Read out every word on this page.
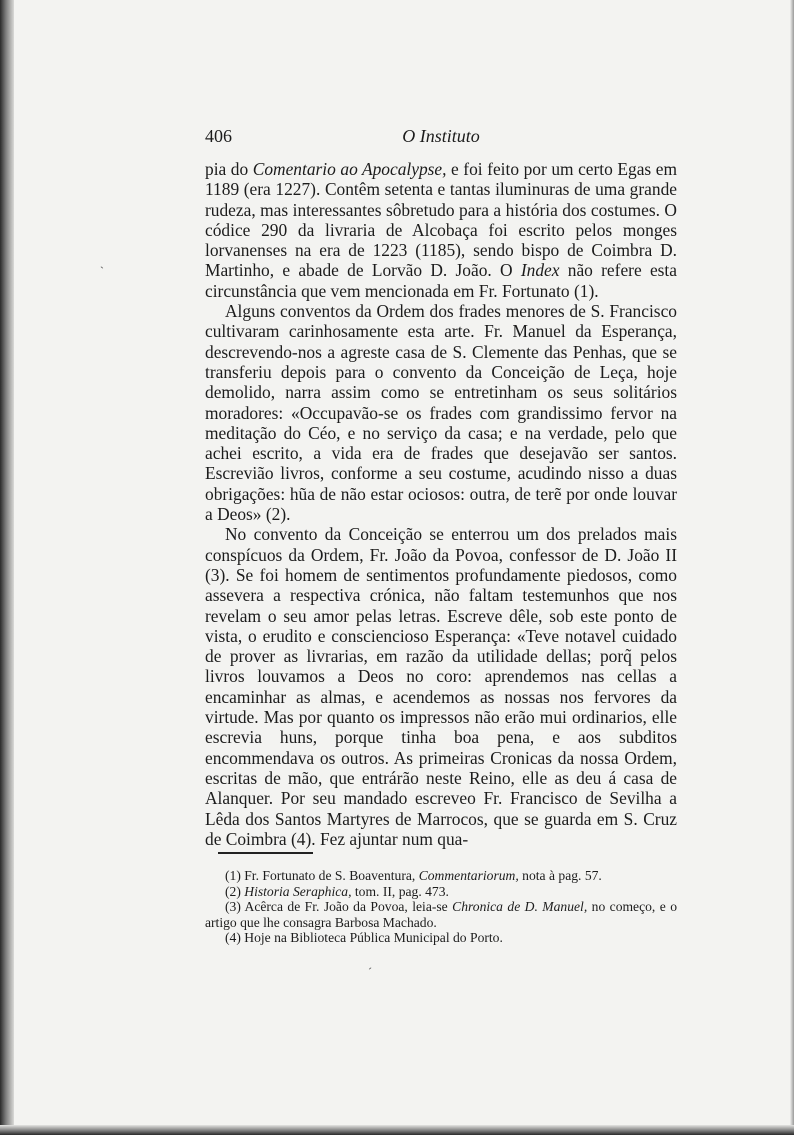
406	O Instituto

pia do Comentario ao Apocalypse, e foi feito por um certo Egas em 1189 (era 1227). Contêm setenta e tantas iluminuras de uma grande rudeza, mas interessantes sôbretudo para a história dos costumes. O códice 290 da livraria de Alcobaça foi escrito pelos monges lorvanenses na era de 1223 (1185), sendo bispo de Coimbra D. Martinho, e abade de Lorvão D. João. O Index não refere esta circunstância que vem mencionada em Fr. Fortunato (1).

Alguns conventos da Ordem dos frades menores de S. Francisco cultivaram carinhosamente esta arte. Fr. Manuel da Esperança, descrevendo-nos a agreste casa de S. Clemente das Penhas, que se transferiu depois para o convento da Conceição de Leça, hoje demolido, narra assim como se entretinham os seus solitários moradores: «Occupavão-se os frades com grandissimo fervor na meditação do Céo, e no serviço da casa; e na verdade, pelo que achei escrito, a vida era de frades que desejavão ser santos. Escrevião livros, conforme a seu costume, acudindo nisso a duas obrigações: hũa de não estar ociosos: outra, de terẽ por onde louvar a Deos» (2).

No convento da Conceição se enterrou um dos prelados mais conspícuos da Ordem, Fr. João da Povoa, confessor de D. João II (3). Se foi homem de sentimentos profundamente piedosos, como assevera a respectiva crónica, não faltam testemunhos que nos revelam o seu amor pelas letras. Escreve dêle, sob este ponto de vista, o erudito e consciencioso Esperança: «Teve notavel cuidado de prover as livrarias, em razão da utilidade dellas; porq̃ pelos livros louvamos a Deos no coro: aprendemos nas cellas a encaminhar as almas, e acendemos as nossas nos fervores da virtude. Mas por quanto os impressos não erão mui ordinarios, elle escrevia huns, porque tinha boa pena, e aos subditos encommendava os outros. As primeiras Cronicas da nossa Ordem, escritas de mão, que entrárão neste Reino, elle as deu á casa de Alanquer. Por seu mandado escreveo Fr. Francisco de Sevilha a Lêda dos Santos Martyres de Marrocos, que se guarda em S. Cruz de Coimbra (4). Fez ajuntar num qua-

(1) Fr. Fortunato de S. Boaventura, Commentariorum, nota à pag. 57.

(2) Historia Seraphica, tom. II, pag. 473.

(3) Acêrca de Fr. João da Povoa, leia-se Chronica de D. Manuel, no começo, e o artigo que lhe consagra Barbosa Machado.

(4) Hoje na Biblioteca Pública Municipal do Porto.

ˏ
ˊ
